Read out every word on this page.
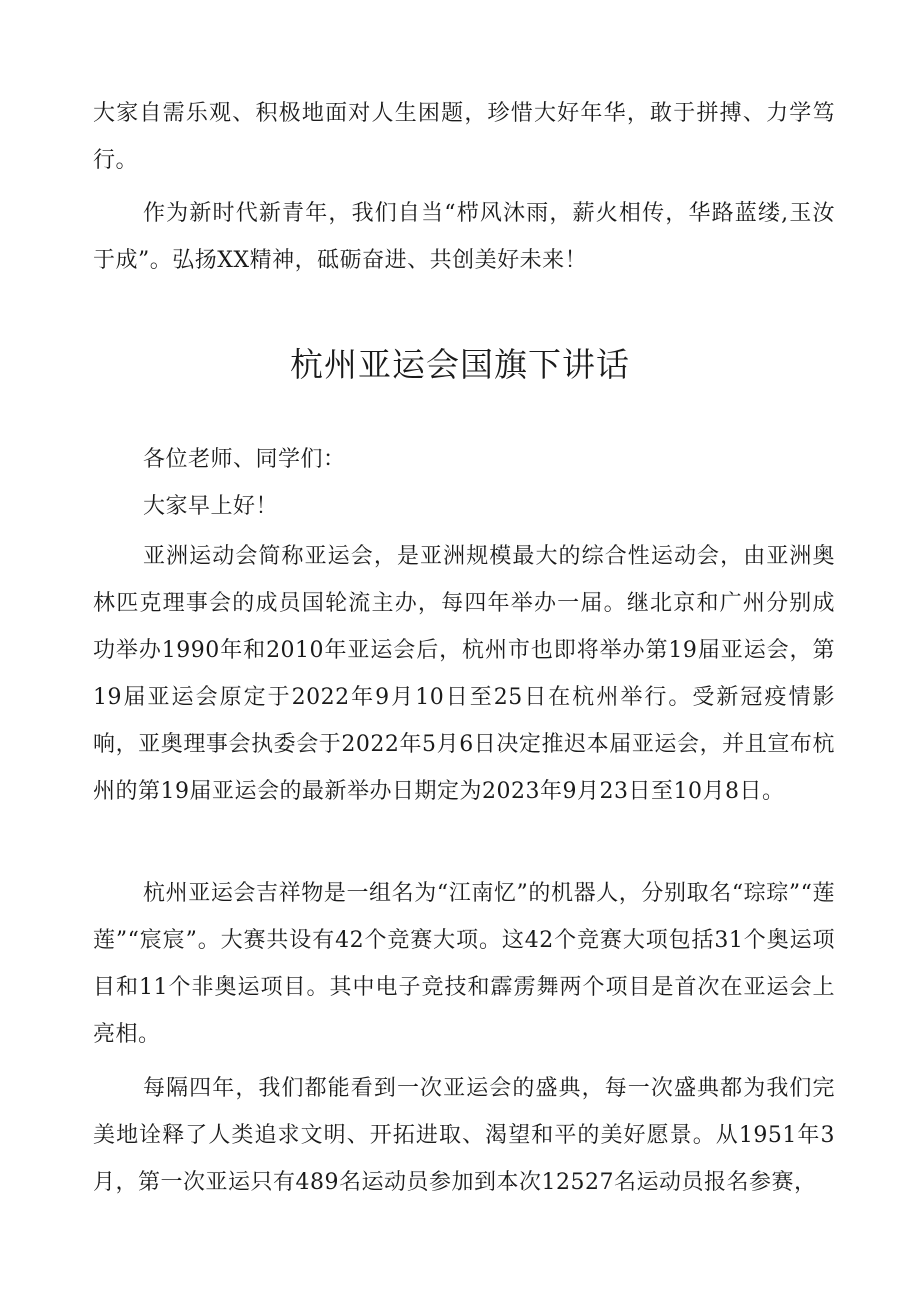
大家自需乐观、积极地面对人生困题，珍惜大好年华，敢于拼搏、力学笃行。

作为新时代新青年，我们自当“栉风沐雨，薪火相传，华路蓝缕,玉汝于成”。弘扬XX精神，砥砺奋进、共创美好未来！

杭州亚运会国旗下讲话

各位老师、同学们：

大家早上好！

亚洲运动会简称亚运会，是亚洲规模最大的综合性运动会，由亚洲奥林匹克理事会的成员国轮流主办，每四年举办一届。继北京和广州分别成功举办1990年和2010年亚运会后，杭州市也即将举办第19届亚运会，第19届亚运会原定于2022年9月10日至25日在杭州举行。受新冠疫情影响，亚奥理事会执委会于2022年5月6日决定推迟本届亚运会，并且宣布杭州的第19届亚运会的最新举办日期定为2023年9月23日至10月8日。

杭州亚运会吉祥物是一组名为“江南忆”的机器人，分别取名“琮琮”“莲莲”“宸宸”。大赛共设有42个竞赛大项。这42个竞赛大项包括31个奥运项目和11个非奥运项目。其中电子竞技和霹雳舞两个项目是首次在亚运会上亮相。

每隔四年，我们都能看到一次亚运会的盛典，每一次盛典都为我们完美地诠释了人类追求文明、开拓进取、渴望和平的美好愿景。从1951年3月，第一次亚运只有489名运动员参加到本次12527名运动员报名参赛，
